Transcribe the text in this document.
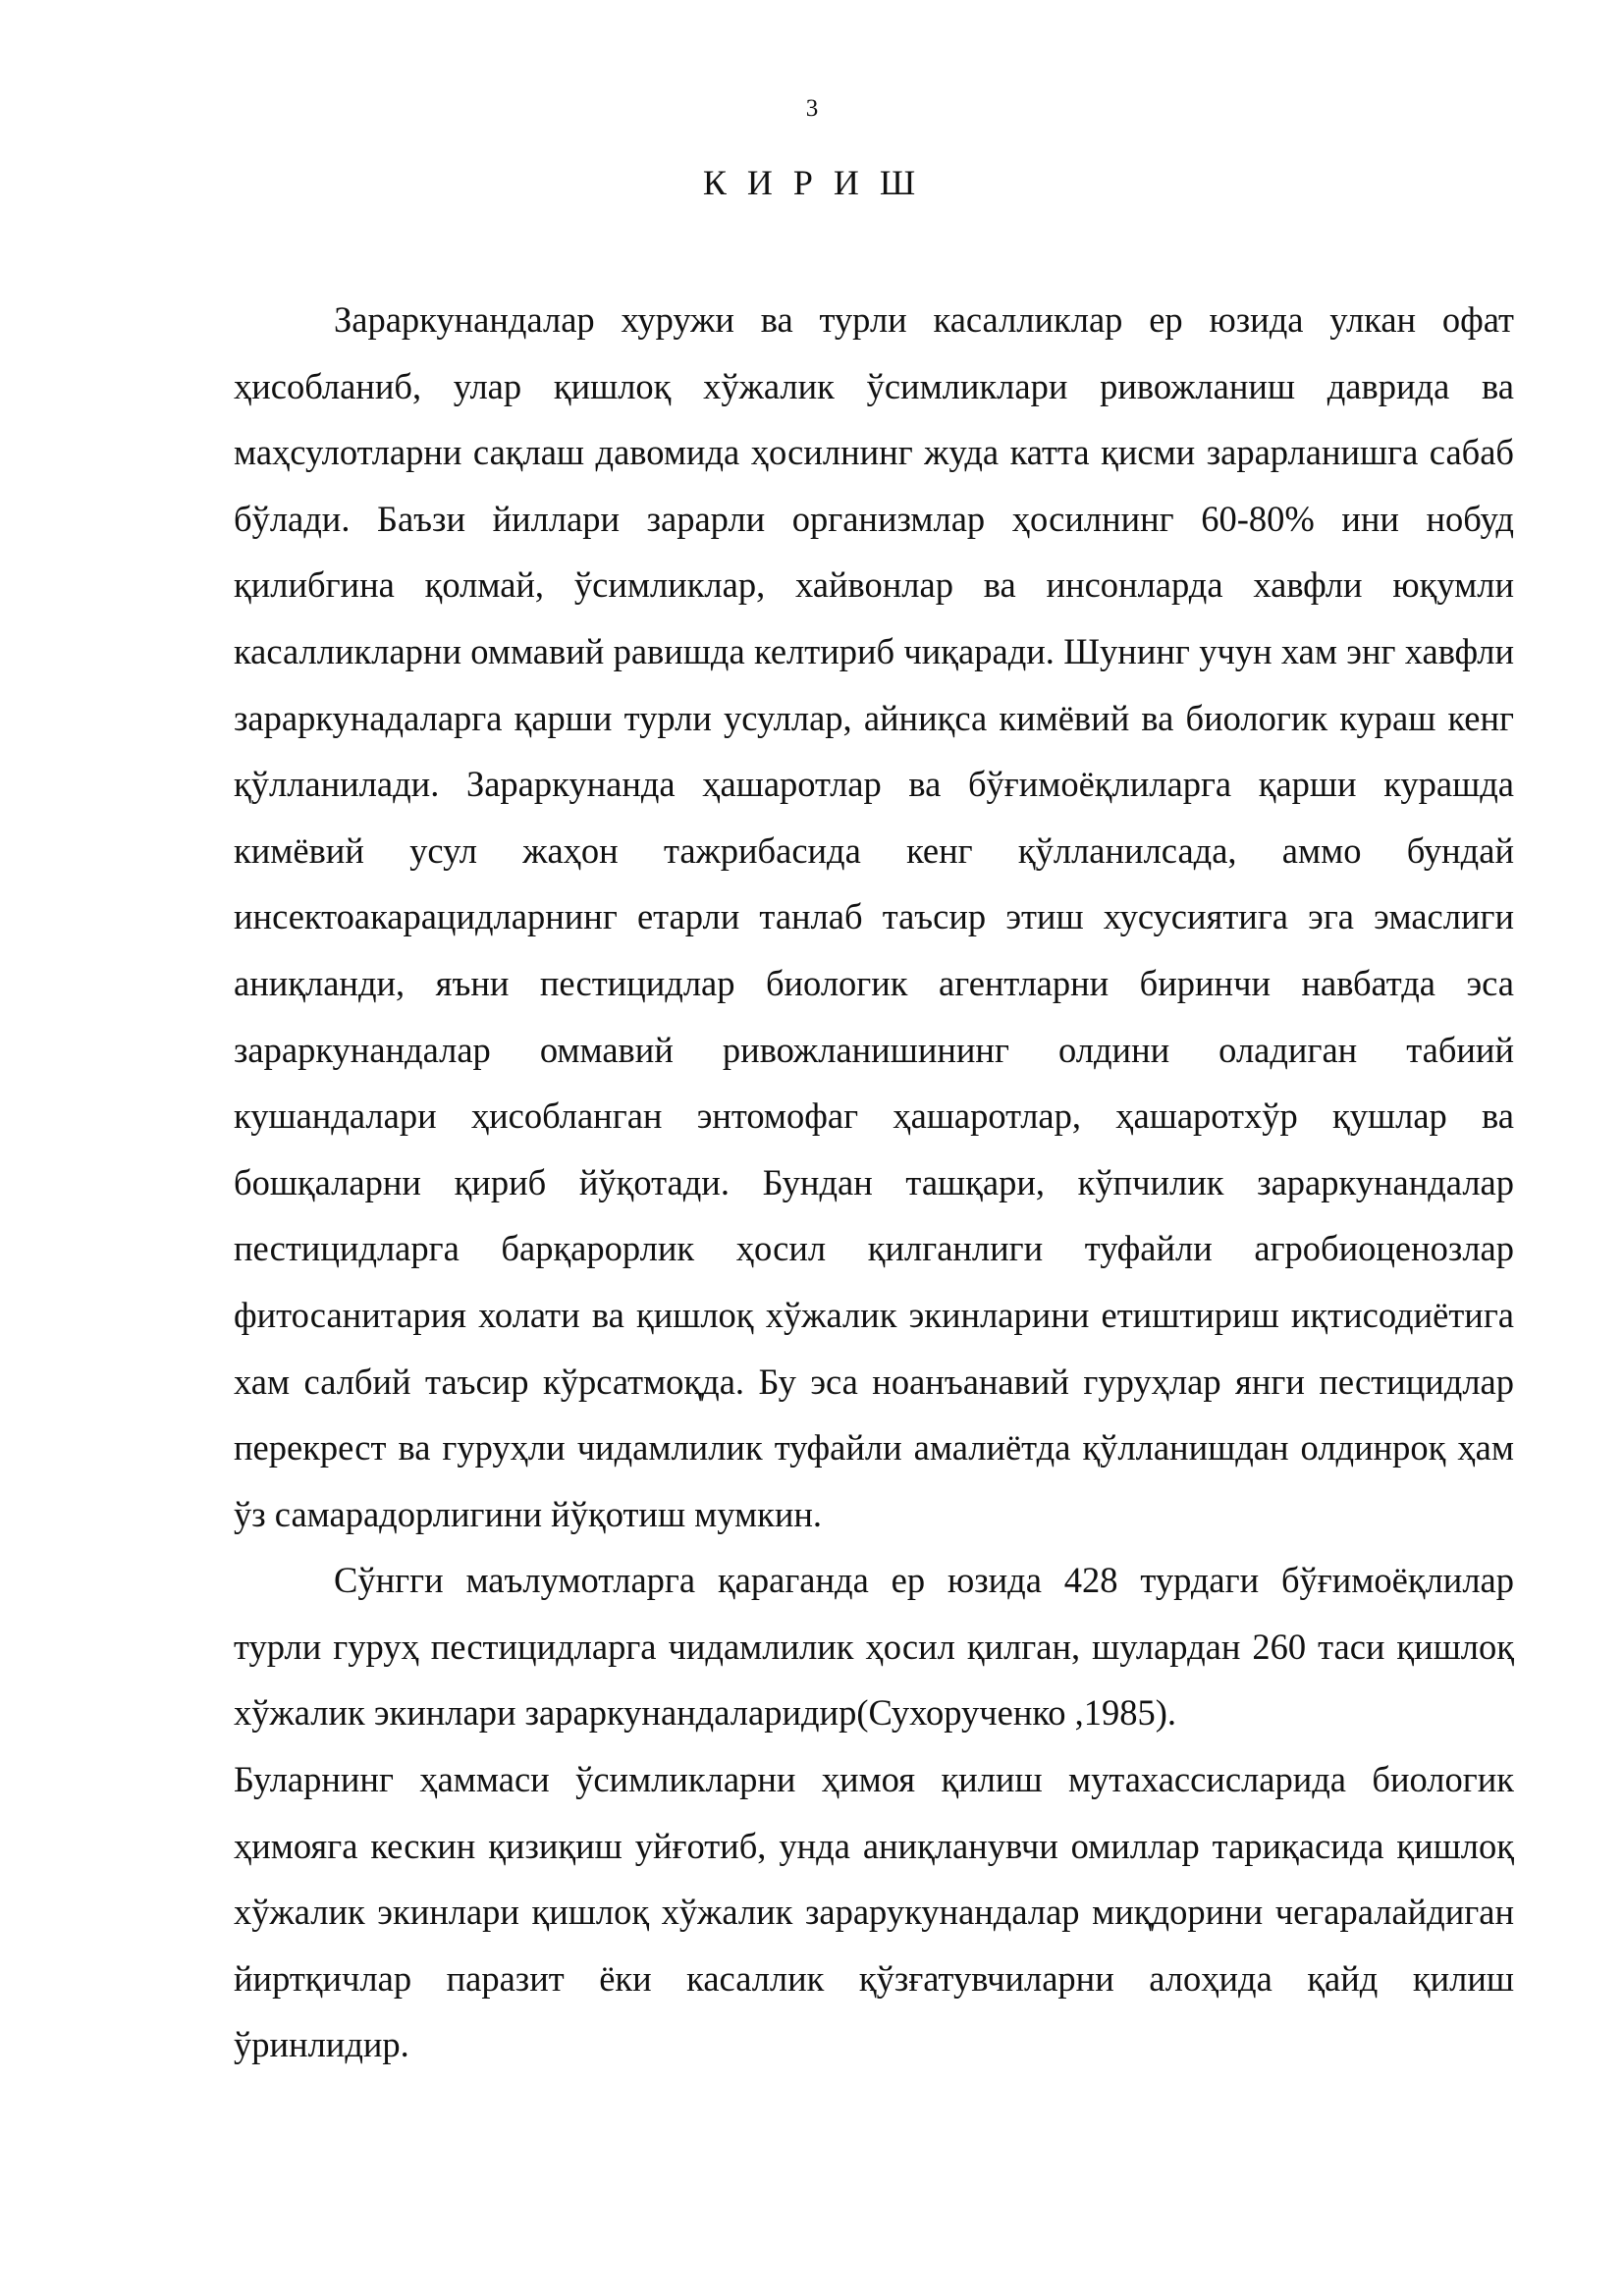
3
К И Р И Ш

Зараркунандалар хуружи ва турли касалликлар ер юзида улкан офат ҳисобланиб, улар қишлоқ хўжалик ўсимликлари ривожланиш даврида ва маҳсулотларни сақлаш давомида ҳосилнинг жуда катта қисми зарарланишга сабаб бўлади. Баъзи йиллари зарарли организмлар ҳосилнинг 60-80% ини нобуд қилибгина қолмай, ўсимликлар, хайвонлар ва инсонларда хавфли юқумли касалликларни оммавий равишда келтириб чиқаради. Шунинг учун хам энг хавфли зараркунадаларга қарши турли усуллар, айниқса кимёвий ва биологик кураш кенг қўлланилади. Зараркунанда ҳашаротлар ва бўғимоёқлиларга қарши курашда кимёвий усул жаҳон тажрибасида кенг қўлланилсада, аммо бундай инсектоакарацидларнинг етарли танлаб таъсир этиш хусусиятига эга эмаслиги аниқланди, яъни пестицидлар биологик агентларни биринчи навбатда эса зараркунандалар оммавий ривожланишининг олдини оладиган табиий кушандалари ҳисобланган энтомофаг ҳашаротлар, ҳашаротхўр қушлар ва бошқаларни қириб йўқотади. Бундан ташқари, кўпчилик зараркунандалар пестицидларга барқарорлик ҳосил қилганлиги туфайли агробиоценозлар фитосанитария холати ва қишлоқ хўжалик экинларини етиштириш иқтисодиётига хам салбий таъсир кўрсатмоқда. Бу эса ноанъанавий гуруҳлар янги пестицидлар перекрест ва гуруҳли чидамлилик туфайли амалиётда қўлланишдан олдинроқ ҳам ўз самарадорлигини йўқотиш мумкин.

Сўнгги маълумотларга қараганда ер юзида 428 турдаги бўғимоёқлилар турли гуруҳ пестицидларга чидамлилик ҳосил қилган, шулардан 260 таси қишлоқ хўжалик экинлари зараркунандаларидир(Сухорученко ,1985).

Буларнинг ҳаммаси ўсимликларни ҳимоя қилиш мутахассисларида биологик ҳимояга кескин қизиқиш уйғотиб, унда аниқланувчи омиллар тариқасида қишлоқ хўжалик экинлари қишлоқ хўжалик зарарукунандалар миқдорини чегаралайдиган йиртқичлар паразит ёки касаллик қўзғатувчиларни алоҳида қайд қилиш ўринлидир.
